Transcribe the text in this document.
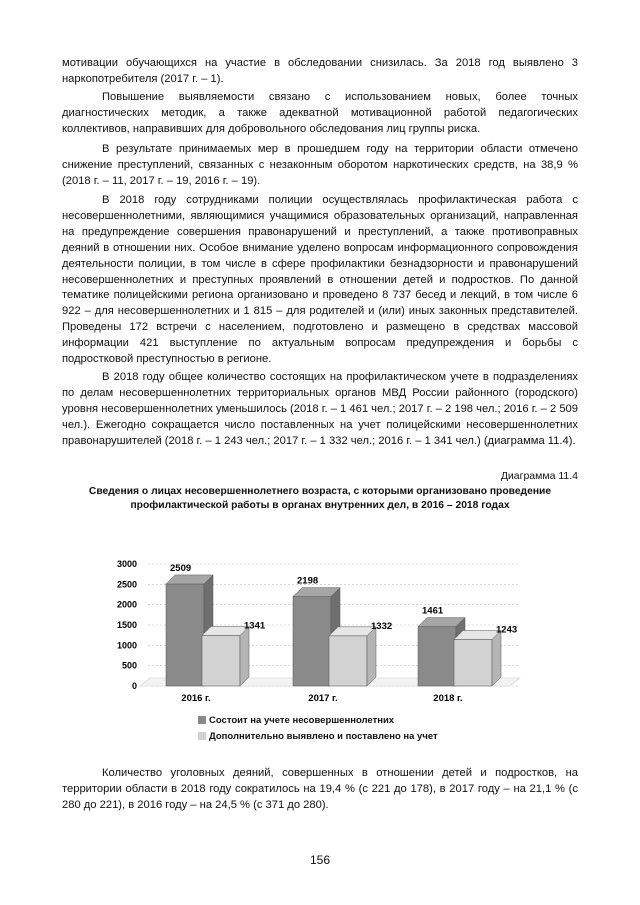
мотивации обучающихся на участие в обследовании снизилась. За 2018 год выявлено 3 наркопотребителя (2017 г. – 1).

Повышение выявляемости связано с использованием новых, более точных диагностических методик, а также адекватной мотивационной работой педагогических коллективов, направивших для добровольного обследования лиц группы риска.

В результате принимаемых мер в прошедшем году на территории области отмечено снижение преступлений, связанных с незаконным оборотом наркотических средств, на 38,9 % (2018 г. – 11, 2017 г. – 19, 2016 г. – 19).

В 2018 году сотрудниками полиции осуществлялась профилактическая работа с несовершеннолетними, являющимися учащимися образовательных организаций, направленная на предупреждение совершения правонарушений и преступлений, а также противоправных деяний в отношении них. Особое внимание уделено вопросам информационного сопровождения деятельности полиции, в том числе в сфере профилактики безнадзорности и правонарушений несовершеннолетних и преступных проявлений в отношении детей и подростков. По данной тематике полицейскими региона организовано и проведено 8 737 бесед и лекций, в том числе 6 922 – для несовершеннолетних и 1 815 – для родителей и (или) иных законных представителей. Проведены 172 встречи с населением, подготовлено и размещено в средствах массовой информации 421 выступление по актуальным вопросам предупреждения и борьбы с подростковой преступностью в регионе.

В 2018 году общее количество состоящих на профилактическом учете в подразделениях по делам несовершеннолетних территориальных органов МВД России районного (городского) уровня несовершеннолетних уменьшилось (2018 г. – 1 461 чел.; 2017 г. – 2 198 чел.; 2016 г. – 2 509 чел.). Ежегодно сокращается число поставленных на учет полицейскими несовершеннолетних правонарушителей (2018 г. – 1 243 чел.; 2017 г. – 1 332 чел.; 2016 г. – 1 341 чел.) (диаграмма 11.4).

Диаграмма 11.4
Сведения о лицах несовершеннолетнего возраста, с которыми организовано проведение профилактической работы в органах внутренних дел, в 2016 – 2018 годах
0
500
1000
1500
2000
2500
3000	2509
1341
2016 г.
2198
1332
2017 г.
1461
1243
2018 г.
Состоит на учете несовершеннолетних
Дополнительно выявлено и поставлено на учет

Количество уголовных деяний, совершенных в отношении детей и подростков, на территории области в 2018 году сократилось на 19,4 % (с 221 до 178), в 2017 году – на 21,1 % (с 280 до 221), в 2016 году – на 24,5 % (с 371 до 280).

156
